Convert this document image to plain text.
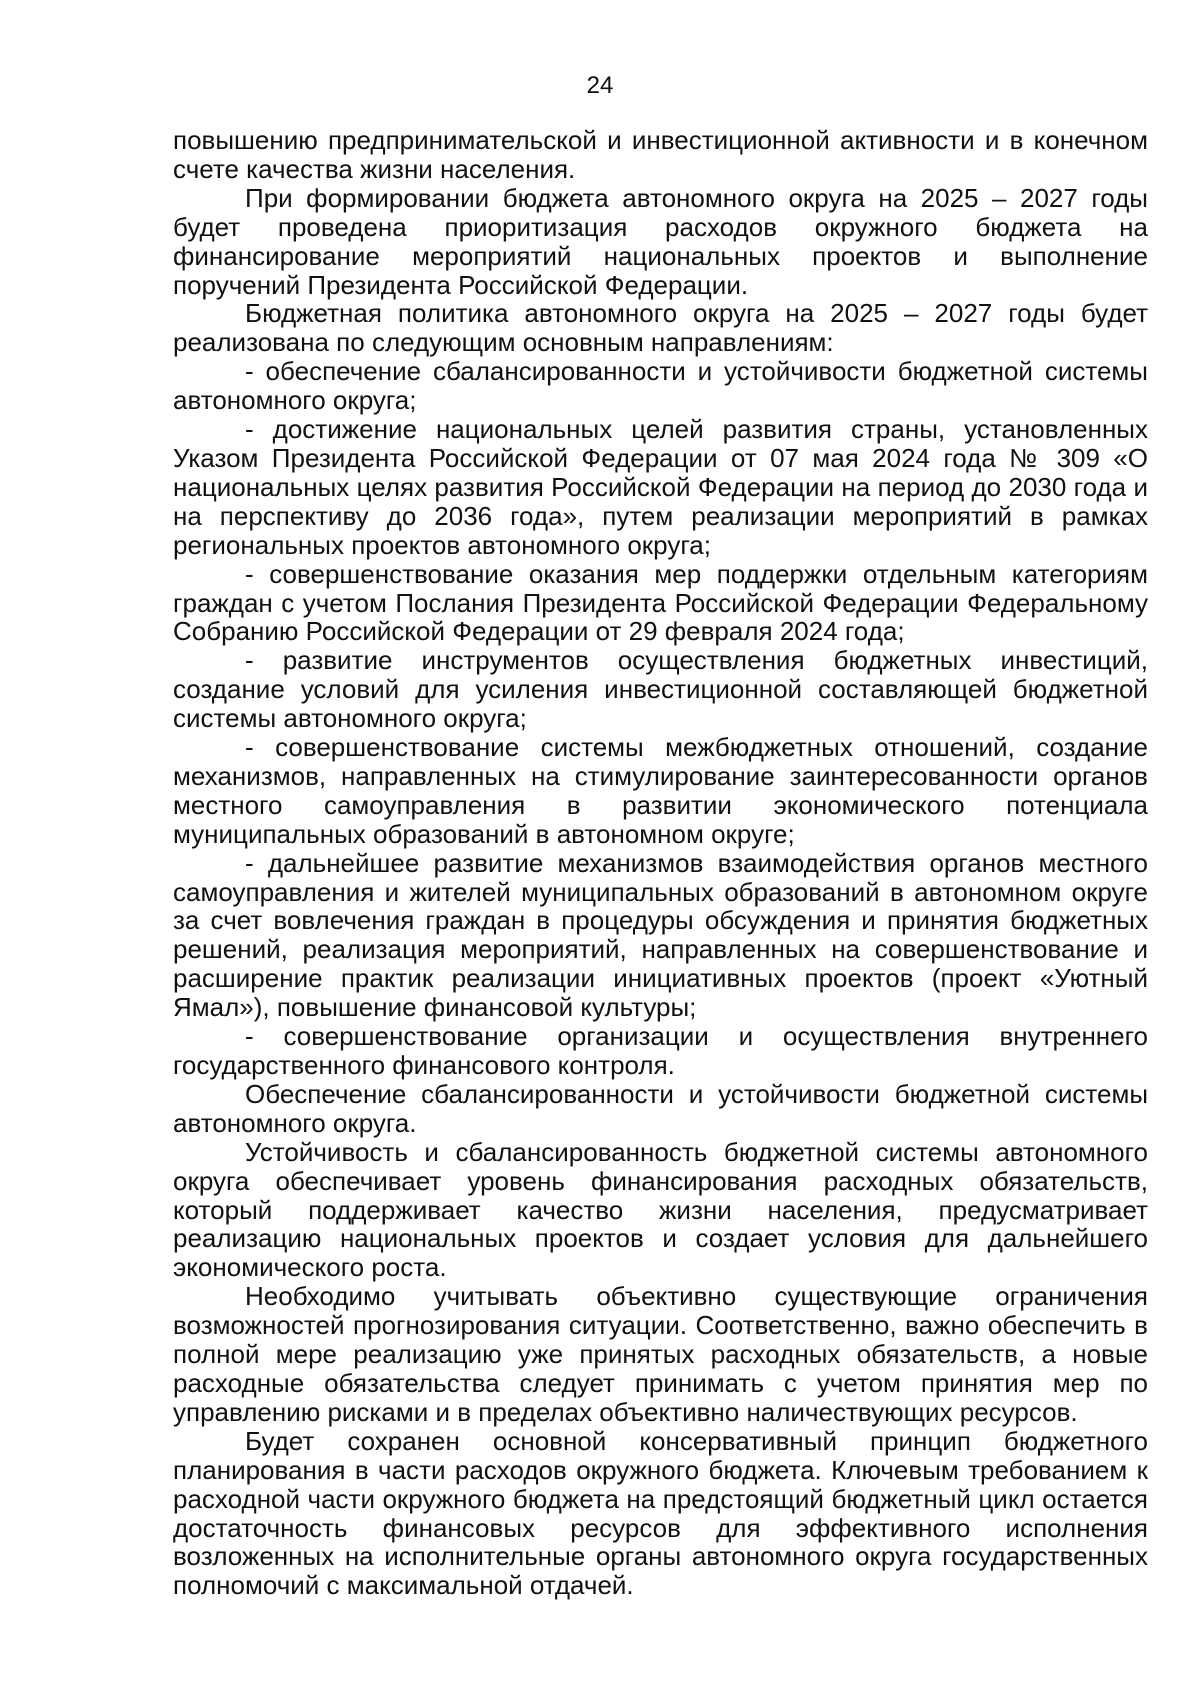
24

повышению предпринимательской и инвестиционной активности и в конечном счете качества жизни населения.

При формировании бюджета автономного округа на 2025 – 2027 годы будет проведена приоритизация расходов окружного бюджета на финансирование мероприятий национальных проектов и выполнение поручений Президента Российской Федерации.

Бюджетная политика автономного округа на 2025 – 2027 годы будет реализована по следующим основным направлениям:

- обеспечение сбалансированности и устойчивости бюджетной системы автономного округа;

- достижение национальных целей развития страны, установленных Указом Президента Российской Федерации от 07 мая 2024 года № 309 «О национальных целях развития Российской Федерации на период до 2030 года и на перспективу до 2036 года», путем реализации мероприятий в рамках региональных проектов автономного округа;

- совершенствование оказания мер поддержки отдельным категориям граждан с учетом Послания Президента Российской Федерации Федеральному Собранию Российской Федерации от 29 февраля 2024 года;

- развитие инструментов осуществления бюджетных инвестиций, создание условий для усиления инвестиционной составляющей бюджетной системы автономного округа;

- совершенствование системы межбюджетных отношений, создание механизмов, направленных на стимулирование заинтересованности органов местного самоуправления в развитии экономического потенциала муниципальных образований в автономном округе;

- дальнейшее развитие механизмов взаимодействия органов местного самоуправления и жителей муниципальных образований в автономном округе за счет вовлечения граждан в процедуры обсуждения и принятия бюджетных решений, реализация мероприятий, направленных на совершенствование и расширение практик реализации инициативных проектов (проект «Уютный Ямал»), повышение финансовой культуры;

- совершенствование организации и осуществления внутреннего государственного финансового контроля.

Обеспечение сбалансированности и устойчивости бюджетной системы автономного округа.

Устойчивость и сбалансированность бюджетной системы автономного округа обеспечивает уровень финансирования расходных обязательств, который поддерживает качество жизни населения, предусматривает реализацию национальных проектов и создает условия для дальнейшего экономического роста.

Необходимо учитывать объективно существующие ограничения возможностей прогнозирования ситуации. Соответственно, важно обеспечить в полной мере реализацию уже принятых расходных обязательств, а новые расходные обязательства следует принимать с учетом принятия мер по управлению рисками и в пределах объективно наличествующих ресурсов.

Будет сохранен основной консервативный принцип бюджетного планирования в части расходов окружного бюджета. Ключевым требованием к расходной части окружного бюджета на предстоящий бюджетный цикл остается достаточность финансовых ресурсов для эффективного исполнения возложенных на исполнительные органы автономного округа государственных полномочий с максимальной отдачей.
